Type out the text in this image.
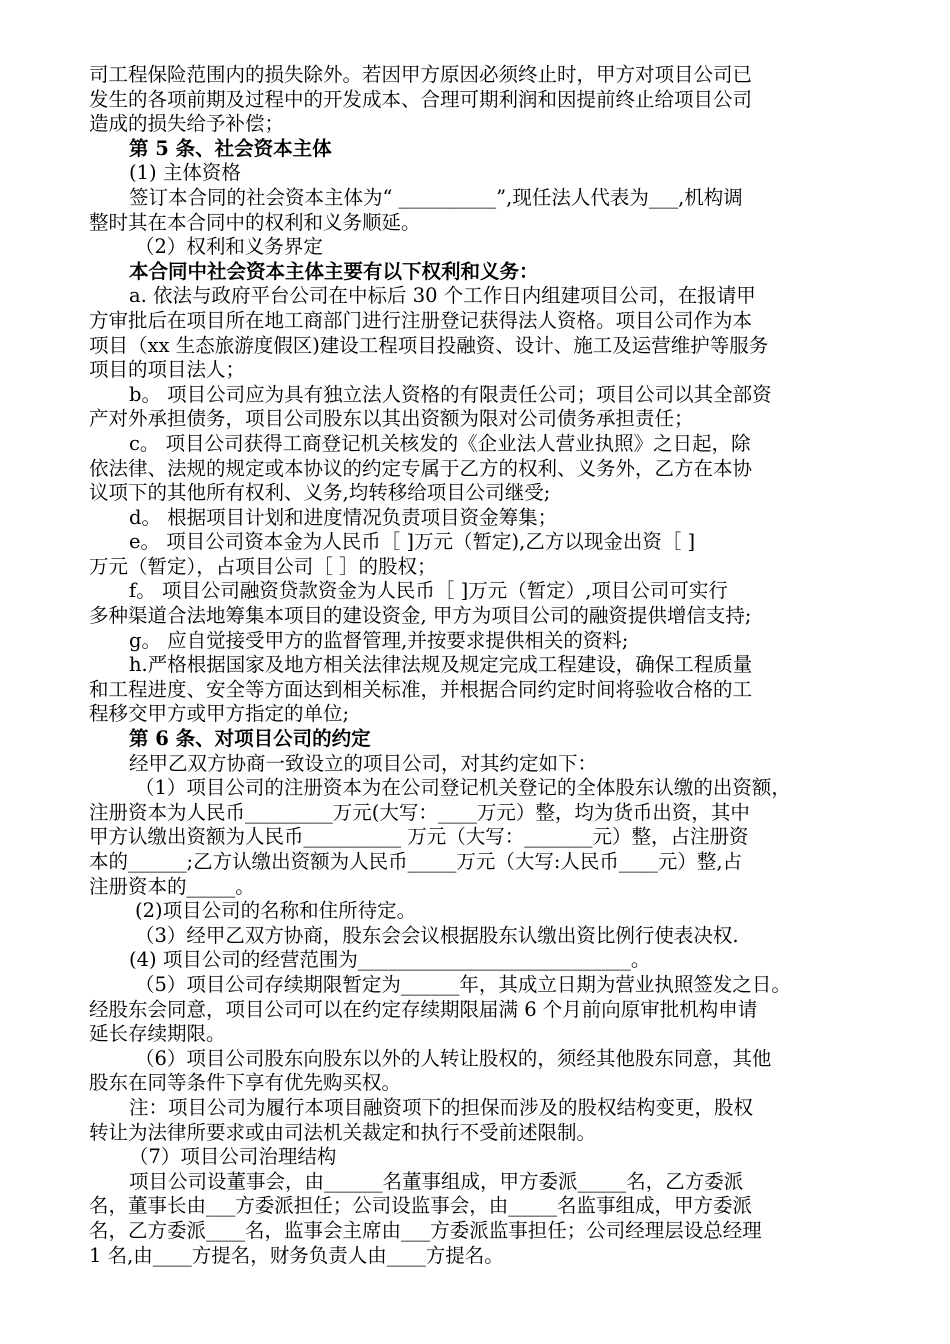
司工程保险范围内的损失除外。若因甲方原因必须终止时，甲方对项目公司已
发生的各项前期及过程中的开发成本、合理可期利润和因提前终止给项目公司
造成的损失给予补偿；
第 5 条、社会资本主体
(1) 主体资格
签订本合同的社会资本主体为“ __________”,现任法人代表为___,机构调
整时其在本合同中的权利和义务顺延。
（2）权利和义务界定
本合同中社会资本主体主要有以下权利和义务：
a. 依法与政府平台公司在中标后 30 个工作日内组建项目公司，在报请甲
方审批后在项目所在地工商部门进行注册登记获得法人资格。项目公司作为本
项目（xx 生态旅游度假区)建设工程项目投融资、设计、施工及运营维护等服务
项目的项目法人；
b。 项目公司应为具有独立法人资格的有限责任公司；项目公司以其全部资
产对外承担债务，项目公司股东以其出资额为限对公司债务承担责任；
c。 项目公司获得工商登记机关核发的《企业法人营业执照》之日起，除
依法律、法规的规定或本协议的约定专属于乙方的权利、义务外，乙方在本协
议项下的其他所有权利、义务,均转移给项目公司继受;
d。 根据项目计划和进度情况负责项目资金筹集；
e。 项目公司资本金为人民币［ ]万元（暂定),乙方以现金出资［ ]
万元（暂定），占项目公司［ ］的股权；
f。 项目公司融资贷款资金为人民币［ ]万元（暂定）,项目公司可实行
多种渠道合法地筹集本项目的建设资金, 甲方为项目公司的融资提供增信支持;
g。 应自觉接受甲方的监督管理,并按要求提供相关的资料;
h.严格根据国家及地方相关法律法规及规定完成工程建设，确保工程质量
和工程进度、安全等方面达到相关标准，并根据合同约定时间将验收合格的工
程移交甲方或甲方指定的单位;
第 6 条、对项目公司的约定
经甲乙双方协商一致设立的项目公司，对其约定如下：
（1）项目公司的注册资本为在公司登记机关登记的全体股东认缴的出资额，
注册资本为人民币_________万元(大写：____万元）整，均为货币出资，其中
甲方认缴出资额为人民币__________ 万元（大写：_______元）整，占注册资
本的______;乙方认缴出资额为人民币_____万元（大写:人民币____元）整,占
注册资本的_____。
(2)项目公司的名称和住所待定。
（3）经甲乙双方协商，股东会会议根据股东认缴出资比例行使表决权.
(4) 项目公司的经营范围为____________________________。
（5）项目公司存续期限暂定为______年，其成立日期为营业执照签发之日。
经股东会同意，项目公司可以在约定存续期限届满 6 个月前向原审批机构申请
延长存续期限。
（6）项目公司股东向股东以外的人转让股权的，须经其他股东同意，其他
股东在同等条件下享有优先购买权。
注：项目公司为履行本项目融资项下的担保而涉及的股权结构变更，股权
转让为法律所要求或由司法机关裁定和执行不受前述限制。
（7）项目公司治理结构
项目公司设董事会，由______名董事组成，甲方委派_____名，乙方委派
名，董事长由___方委派担任；公司设监事会，由_____名监事组成，甲方委派
名，乙方委派____名，监事会主席由___方委派监事担任；公司经理层设总经理
1 名,由____方提名，财务负责人由____方提名。
